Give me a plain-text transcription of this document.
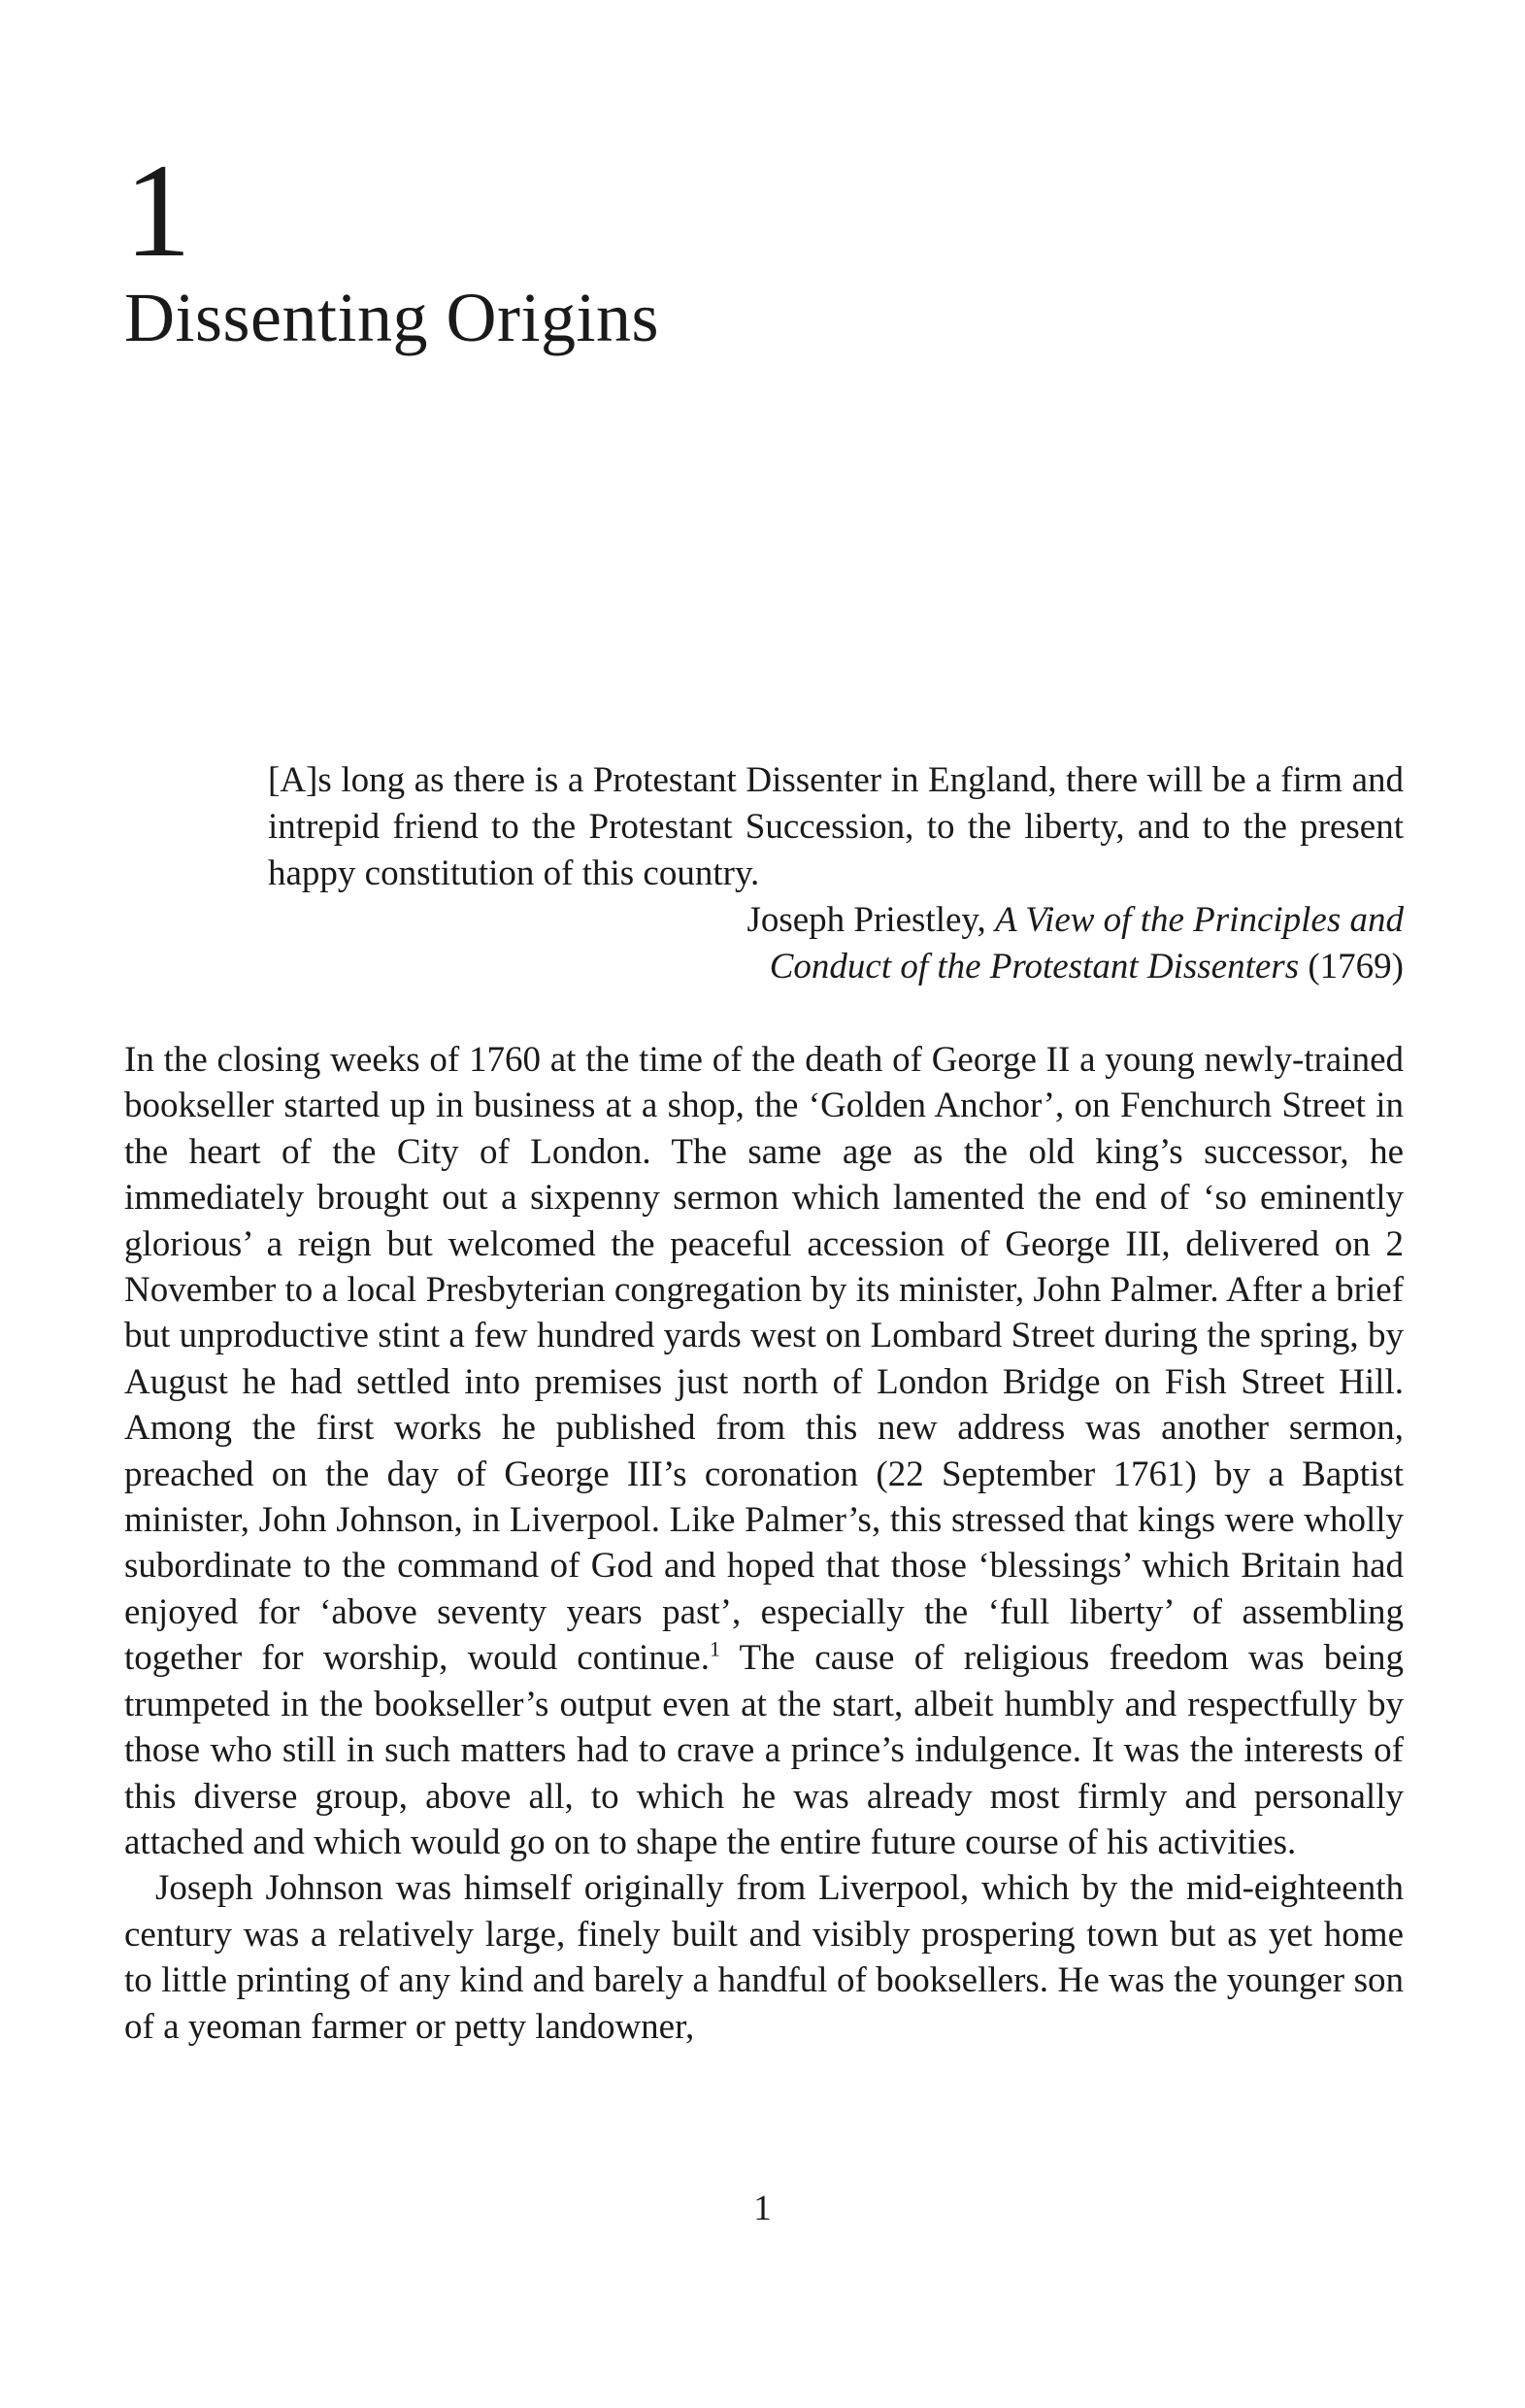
1
Dissenting Origins

[A]s long as there is a Protestant Dissenter in England, there will be a firm and intrepid friend to the Protestant Succession, to the liberty, and to the present happy constitution of this country.

Joseph Priestley, A View of the Principles and
Conduct of the Protestant Dissenters (1769)

In the closing weeks of 1760 at the time of the death of George II a young newly-trained bookseller started up in business at a shop, the ‘Golden Anchor’, on Fenchurch Street in the heart of the City of London. The same age as the old king’s successor, he immediately brought out a sixpenny sermon which lamented the end of ‘so eminently glorious’ a reign but welcomed the peaceful accession of George III, delivered on 2 November to a local Presbyterian congregation by its minister, John Palmer. After a brief but unproductive stint a few hundred yards west on Lombard Street during the spring, by August he had settled into premises just north of London Bridge on Fish Street Hill. Among the first works he published from this new address was another sermon, preached on the day of George III’s coronation (22 September 1761) by a Baptist minister, John Johnson, in Liverpool. Like Palmer’s, this stressed that kings were wholly subordinate to the command of God and hoped that those ‘blessings’ which Britain had enjoyed for ‘above seventy years past’, especially the ‘full liberty’ of assembling together for worship, would continue.$^1$ The cause of religious freedom was being trumpeted in the bookseller’s output even at the start, albeit humbly and respectfully by those who still in such matters had to crave a prince’s indulgence. It was the interests of this diverse group, above all, to which he was already most firmly and personally attached and which would go on to shape the entire future course of his activities.

Joseph Johnson was himself originally from Liverpool, which by the mid-eighteenth century was a relatively large, finely built and visibly prospering town but as yet home to little printing of any kind and barely a handful of booksellers. He was the younger son of a yeoman farmer or petty landowner,

1
